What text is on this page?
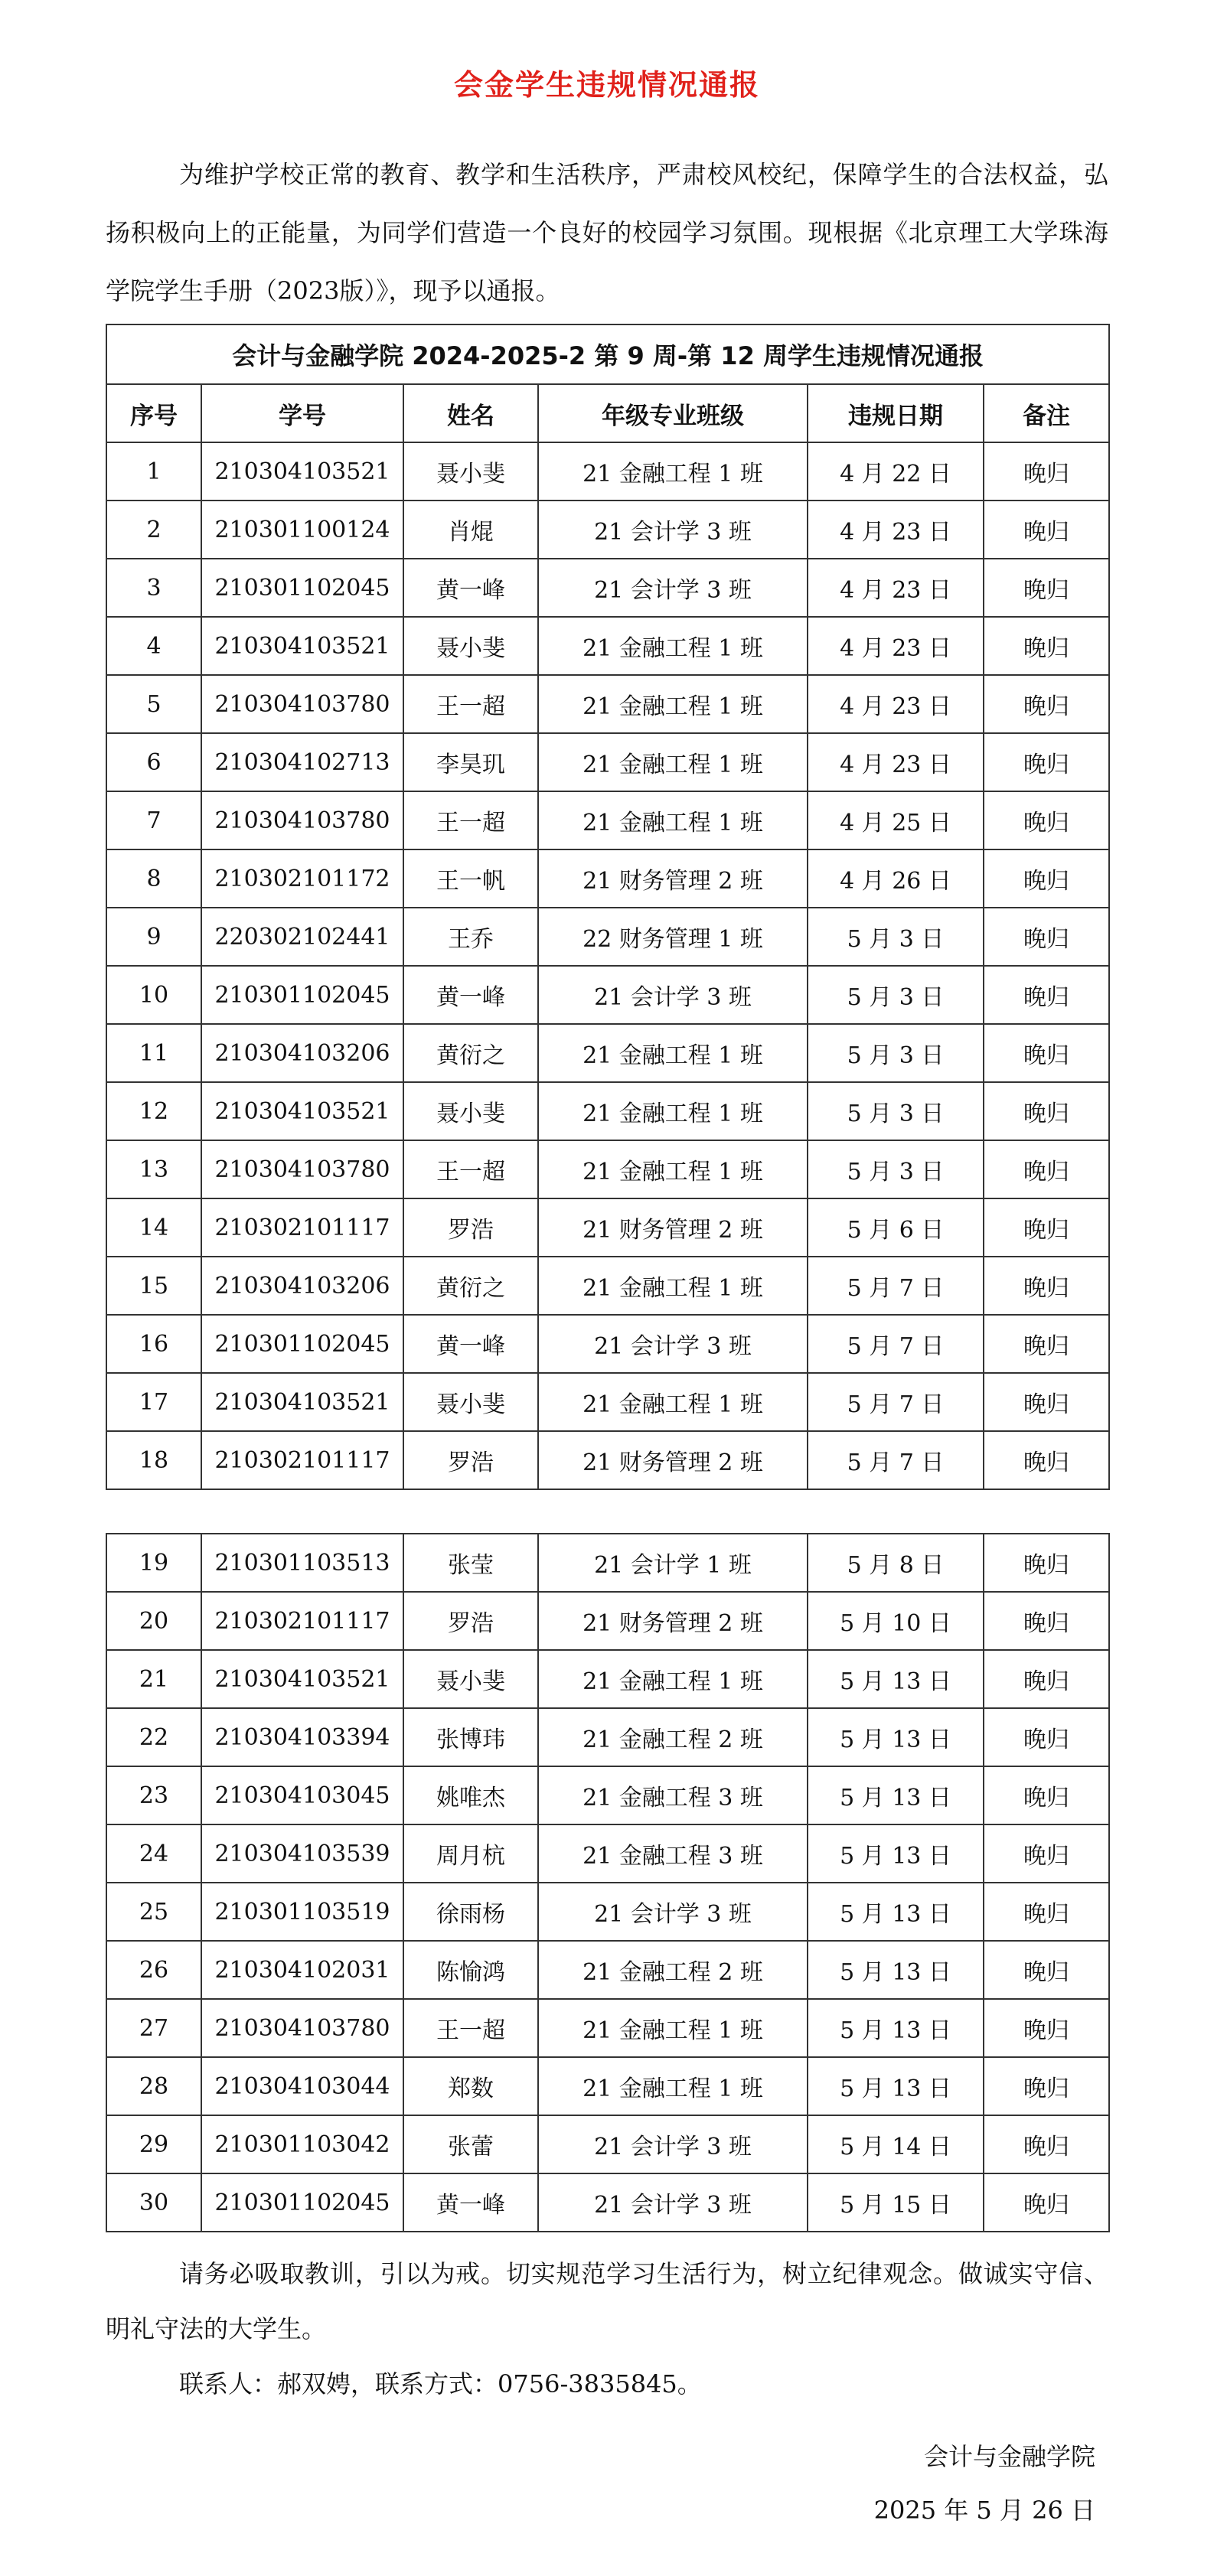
会金学生违规情况通报

为维护学校正常的教育、教学和生活秩序，严肃校风校纪，保障学生的合法权益，弘扬积极向上的正能量，为同学们营造一个良好的校园学习氛围。现根据《北京理工大学珠海学院学生手册（2023版）》，现予以通报。

会计与金融学院 2024-2025-2 第 9 周-第 12 周学生违规情况通报					
序号	学号	姓名	年级专业班级	违规日期	备注
1	210304103521	聂小斐	21 金融工程 1 班	4 月 22 日	晚归
2	210301100124	肖焜	21 会计学 3 班	4 月 23 日	晚归
3	210301102045	黄一峰	21 会计学 3 班	4 月 23 日	晚归
4	210304103521	聂小斐	21 金融工程 1 班	4 月 23 日	晚归
5	210304103780	王一超	21 金融工程 1 班	4 月 23 日	晚归
6	210304102713	李昊玑	21 金融工程 1 班	4 月 23 日	晚归
7	210304103780	王一超	21 金融工程 1 班	4 月 25 日	晚归
8	210302101172	王一帆	21 财务管理 2 班	4 月 26 日	晚归
9	220302102441	王乔	22 财务管理 1 班	5 月 3 日	晚归
10	210301102045	黄一峰	21 会计学 3 班	5 月 3 日	晚归
11	210304103206	黄衍之	21 金融工程 1 班	5 月 3 日	晚归
12	210304103521	聂小斐	21 金融工程 1 班	5 月 3 日	晚归
13	210304103780	王一超	21 金融工程 1 班	5 月 3 日	晚归
14	210302101117	罗浩	21 财务管理 2 班	5 月 6 日	晚归
15	210304103206	黄衍之	21 金融工程 1 班	5 月 7 日	晚归
16	210301102045	黄一峰	21 会计学 3 班	5 月 7 日	晚归
17	210304103521	聂小斐	21 金融工程 1 班	5 月 7 日	晚归
18	210302101117	罗浩	21 财务管理 2 班	5 月 7 日	晚归
19	210301103513	张莹	21 会计学 1 班	5 月 8 日	晚归
20	210302101117	罗浩	21 财务管理 2 班	5 月 10 日	晚归
21	210304103521	聂小斐	21 金融工程 1 班	5 月 13 日	晚归
22	210304103394	张博玮	21 金融工程 2 班	5 月 13 日	晚归
23	210304103045	姚唯杰	21 金融工程 3 班	5 月 13 日	晚归
24	210304103539	周月杭	21 金融工程 3 班	5 月 13 日	晚归
25	210301103519	徐雨杨	21 会计学 3 班	5 月 13 日	晚归
26	210304102031	陈愉鸿	21 金融工程 2 班	5 月 13 日	晚归
27	210304103780	王一超	21 金融工程 1 班	5 月 13 日	晚归
28	210304103044	郑数	21 金融工程 1 班	5 月 13 日	晚归
29	210301103042	张蕾	21 会计学 3 班	5 月 14 日	晚归
30	210301102045	黄一峰	21 会计学 3 班	5 月 15 日	晚归

请务必吸取教训，引以为戒。切实规范学习生活行为，树立纪律观念。做诚实守信、明礼守法的大学生。

联系人：郝双娉，联系方式：0756-3835845。

会计与金融学院
2025 年 5 月 26 日
